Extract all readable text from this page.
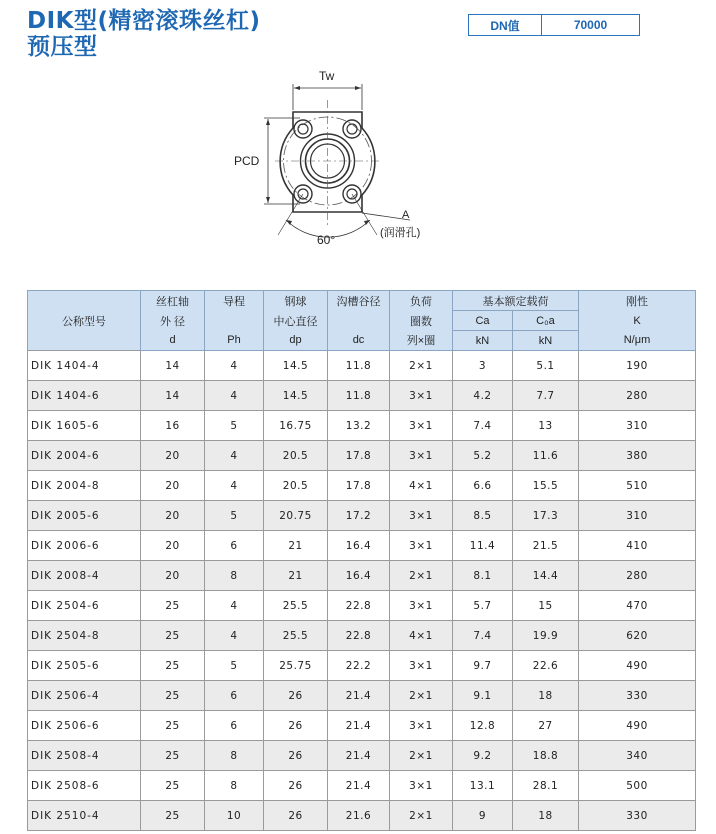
DIK型(精密滚珠丝杠)
预压型
DN值	70000
Tw
PCD
60°
A
(润滑孔)
公称型号	丝杠轴	导程	钢球	沟槽谷径	负荷	基本额定载荷		刚性
	外 径		中心直径		圈数	Ca	C₀a	K
	d	Ph	dp	dc	列×圈	kN	kN	N/μm
DIK 1404-4	14	4	14.5	11.8	2×1	3	5.1	190
DIK 1404-6	14	4	14.5	11.8	3×1	4.2	7.7	280
DIK 1605-6	16	5	16.75	13.2	3×1	7.4	13	310
DIK 2004-6	20	4	20.5	17.8	3×1	5.2	11.6	380
DIK 2004-8	20	4	20.5	17.8	4×1	6.6	15.5	510
DIK 2005-6	20	5	20.75	17.2	3×1	8.5	17.3	310
DIK 2006-6	20	6	21	16.4	3×1	11.4	21.5	410
DIK 2008-4	20	8	21	16.4	2×1	8.1	14.4	280
DIK 2504-6	25	4	25.5	22.8	3×1	5.7	15	470
DIK 2504-8	25	4	25.5	22.8	4×1	7.4	19.9	620
DIK 2505-6	25	5	25.75	22.2	3×1	9.7	22.6	490
DIK 2506-4	25	6	26	21.4	2×1	9.1	18	330
DIK 2506-6	25	6	26	21.4	3×1	12.8	27	490
DIK 2508-4	25	8	26	21.4	2×1	9.2	18.8	340
DIK 2508-6	25	8	26	21.4	3×1	13.1	28.1	500
DIK 2510-4	25	10	26	21.6	2×1	9	18	330
